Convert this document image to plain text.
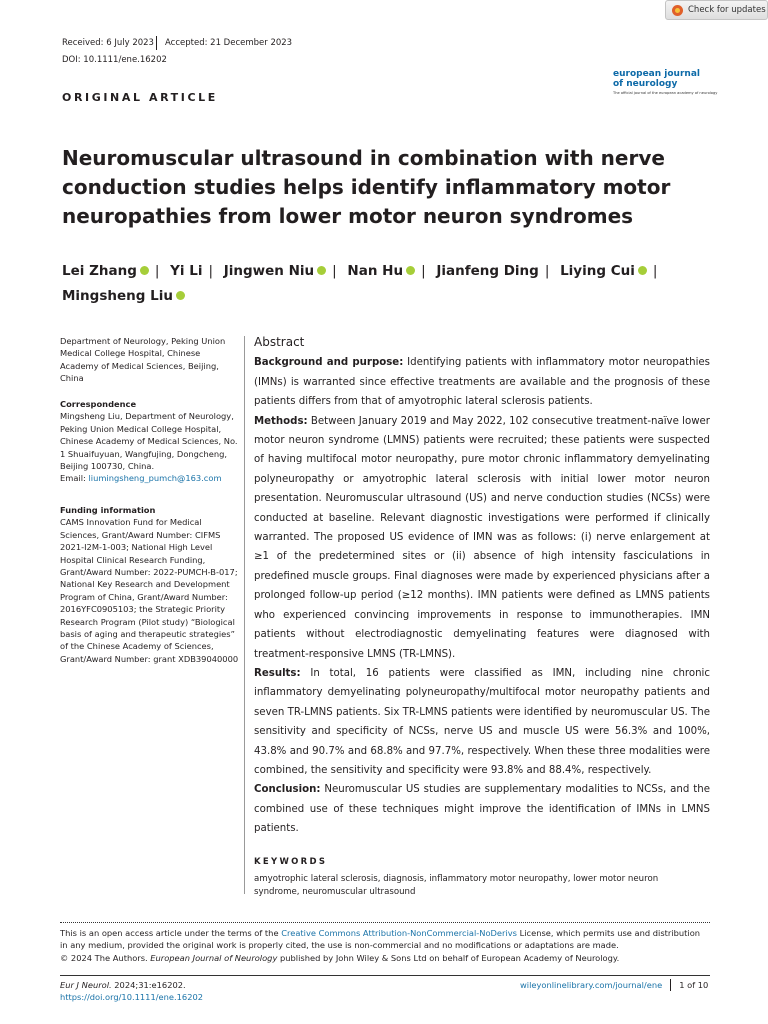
Check for updates
Received: 6 July 2023 Accepted: 21 December 2023
DOI: 10.1111/ene.16202
european journal
of neurology
The official journal of the european academy of neurology
ORIGINAL ARTICLE
Neuromuscular ultrasound in combination with nerve conduction studies helps identify inflammatory motor neuropathies from lower motor neuron syndromes
Lei Zhang | Yi Li | Jingwen Niu | Nan Hu | Jianfeng Ding | Liying Cui |
Mingsheng Liu
Department of Neurology, Peking Union Medical College Hospital, Chinese Academy of Medical Sciences, Beijing, China
Correspondence
Mingsheng Liu, Department of Neurology, Peking Union Medical College Hospital, Chinese Academy of Medical Sciences, No. 1 Shuaifuyuan, Wangfujing, Dongcheng, Beijing 100730, China.
Email: liumingsheng_pumch@163.com
Funding information
CAMS Innovation Fund for Medical Sciences, Grant/Award Number: CIFMS 2021-I2M-1-003; National High Level Hospital Clinical Research Funding, Grant/Award Number: 2022-PUMCH-B-017; National Key Research and Development Program of China, Grant/Award Number: 2016YFC0905103; the Strategic Priority Research Program (Pilot study) “Biological basis of aging and therapeutic strategies” of the Chinese Academy of Sciences, Grant/Award Number: grant XDB39040000
Abstract

Background and purpose: Identifying patients with inflammatory motor neuropathies (IMNs) is warranted since effective treatments are available and the prognosis of these patients differs from that of amyotrophic lateral sclerosis patients.

Methods: Between January 2019 and May 2022, 102 consecutive treatment-naïve lower motor neuron syndrome (LMNS) patients were recruited; these patients were suspected of having multifocal motor neuropathy, pure motor chronic inflammatory demyelinating polyneuropathy or amyotrophic lateral sclerosis with initial lower motor neuron presentation. Neuromuscular ultrasound (US) and nerve conduction studies (NCSs) were conducted at baseline. Relevant diagnostic investigations were performed if clinically warranted. The proposed US evidence of IMN was as follows: (i) nerve enlargement at ≥1 of the predetermined sites or (ii) absence of high intensity fasciculations in predefined muscle groups. Final diagnoses were made by experienced physicians after a prolonged follow-up period (≥12 months). IMN patients were defined as LMNS patients who experienced convincing improvements in response to immunotherapies. IMN patients without electrodiagnostic demyelinating features were diagnosed with treatment-responsive LMNS (TR-LMNS).

Results: In total, 16 patients were classified as IMN, including nine chronic inflammatory demyelinating polyneuropathy/multifocal motor neuropathy patients and seven TR-LMNS patients. Six TR-LMNS patients were identified by neuromuscular US. The sensitivity and specificity of NCSs, nerve US and muscle US were 56.3% and 100%, 43.8% and 90.7% and 68.8% and 97.7%, respectively. When these three modalities were combined, the sensitivity and specificity were 93.8% and 88.4%, respectively.

Conclusion: Neuromuscular US studies are supplementary modalities to NCSs, and the combined use of these techniques might improve the identification of IMNs in LMNS patients.

KEYWORDS
amyotrophic lateral sclerosis, diagnosis, inflammatory motor neuropathy, lower motor neuron syndrome, neuromuscular ultrasound
This is an open access article under the terms of the Creative Commons Attribution-NonCommercial-NoDerivs License, which permits use and distribution in any medium, provided the original work is properly cited, the use is non-commercial and no modifications or adaptations are made.
© 2024 The Authors. European Journal of Neurology published by John Wiley & Sons Ltd on behalf of European Academy of Neurology.
Eur J Neurol. 2024;31:e16202.
https://doi.org/10.1111/ene.16202
wileyonlinelibrary.com/journal/ene 1 of 10
